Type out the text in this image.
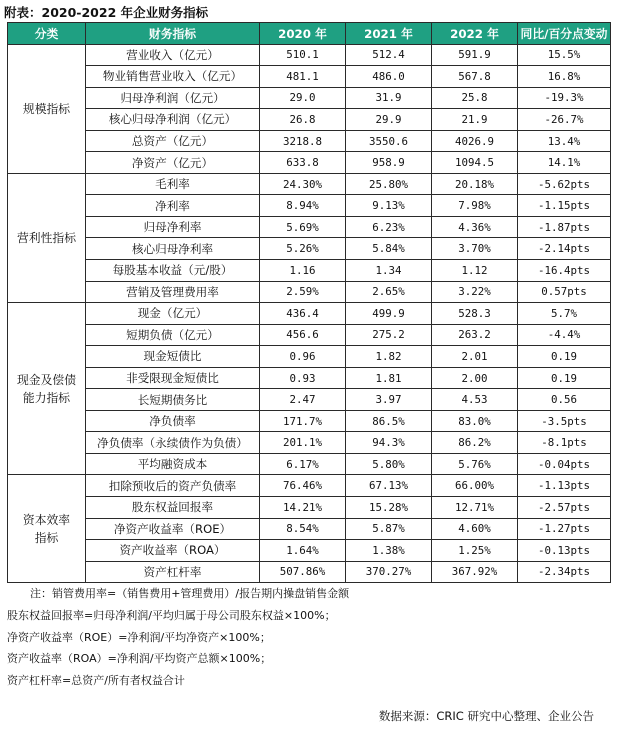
附表：2020-2022 年企业财务指标
分类	财务指标	2020 年	2021 年	2022 年	同比/百分点变动
规模指标	营业收入（亿元）	510.1	512.4	591.9	15.5%
	物业销售营业收入（亿元）	481.1	486.0	567.8	16.8%
	归母净利润（亿元）	29.0	31.9	25.8	-19.3%
	核心归母净利润（亿元）	26.8	29.9	21.9	-26.7%
	总资产（亿元）	3218.8	3550.6	4026.9	13.4%
	净资产（亿元）	633.8	958.9	1094.5	14.1%
营利性指标	毛利率	24.30%	25.80%	20.18%	-5.62pts
	净利率	8.94%	9.13%	7.98%	-1.15pts
	归母净利率	5.69%	6.23%	4.36%	-1.87pts
	核心归母净利率	5.26%	5.84%	3.70%	-2.14pts
	每股基本收益（元/股）	1.16	1.34	1.12	-16.4pts
	营销及管理费用率	2.59%	2.65%	3.22%	0.57pts
现金及偿债能力指标	现金（亿元）	436.4	499.9	528.3	5.7%
	短期负债（亿元）	456.6	275.2	263.2	-4.4%
	现金短债比	0.96	1.82	2.01	0.19
	非受限现金短债比	0.93	1.81	2.00	0.19
	长短期债务比	2.47	3.97	4.53	0.56
	净负债率	171.7%	86.5%	83.0%	-3.5pts
	净负债率（永续债作为负债）	201.1%	94.3%	86.2%	-8.1pts
	平均融资成本	6.17%	5.80%	5.76%	-0.04pts
资本效率指标	扣除预收后的资产负债率	76.46%	67.13%	66.00%	-1.13pts
	股东权益回报率	14.21%	15.28%	12.71%	-2.57pts
	净资产收益率（ROE）	8.54%	5.87%	4.60%	-1.27pts
	资产收益率（ROA）	1.64%	1.38%	1.25%	-0.13pts
	资产杠杆率	507.86%	370.27%	367.92%	-2.34pts
注：销管费用率=（销售费用+管理费用）/报告期内操盘销售金额
股东权益回报率=归母净利润/平均归属于母公司股东权益×100%；
净资产收益率（ROE）=净利润/平均净资产×100%；
资产收益率（ROA）=净利润/平均资产总额×100%；
资产杠杆率=总资产/所有者权益合计
数据来源：CRIC 研究中心整理、企业公告
